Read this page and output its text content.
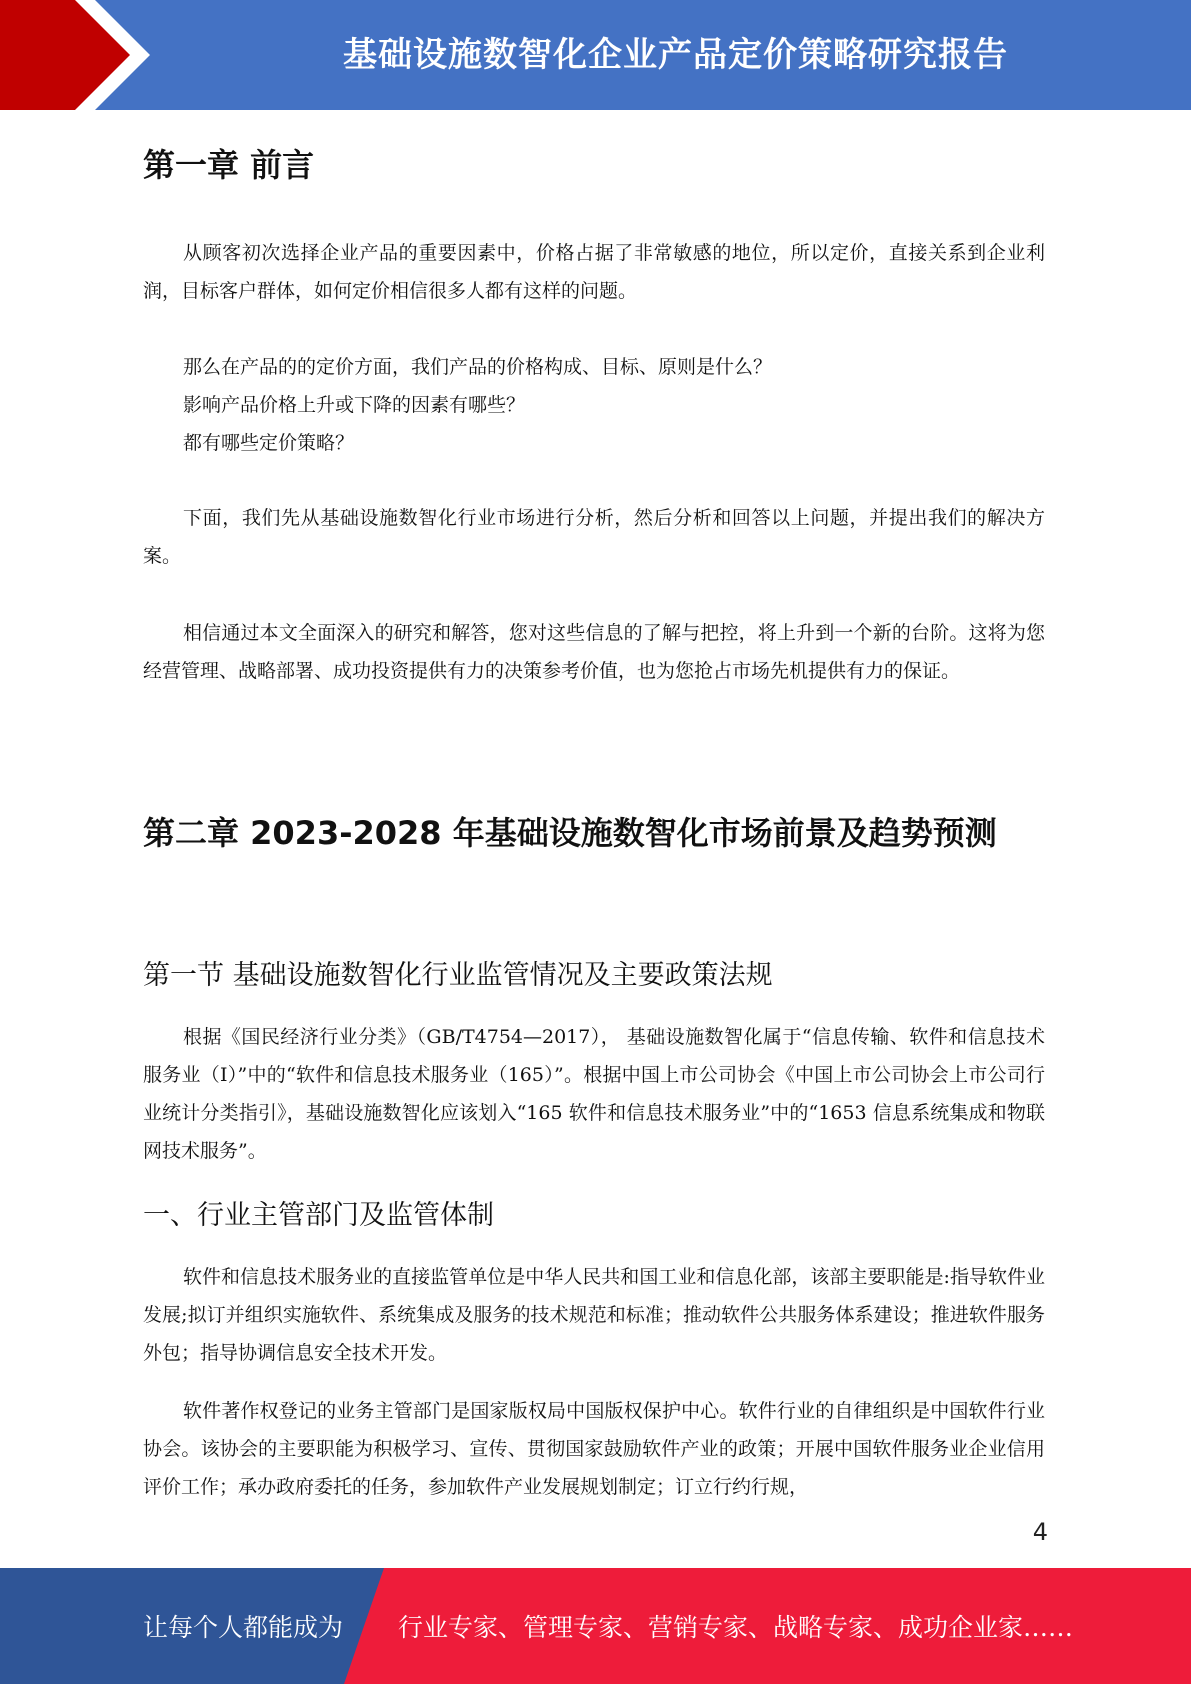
基础设施数智化企业产品定价策略研究报告
第一章 前言

从顾客初次选择企业产品的重要因素中，价格占据了非常敏感的地位，所以定价，直接关系到企业利润，目标客户群体，如何定价相信很多人都有这样的问题。

那么在产品的的定价方面，我们产品的价格构成、目标、原则是什么？

影响产品价格上升或下降的因素有哪些？

都有哪些定价策略？

下面，我们先从基础设施数智化行业市场进行分析，然后分析和回答以上问题，并提出我们的解决方案。

相信通过本文全面深入的研究和解答，您对这些信息的了解与把控，将上升到一个新的台阶。这将为您经营管理、战略部署、成功投资提供有力的决策参考价值，也为您抢占市场先机提供有力的保证。

第二章 2023-2028 年基础设施数智化市场前景及趋势预测
第一节 基础设施数智化行业监管情况及主要政策法规

根据《国民经济行业分类》（GB/T4754—2017）， 基础设施数智化属于“信息传输、软件和信息技术服务业（I）”中的“软件和信息技术服务业（165）”。根据中国上市公司协会《中国上市公司协会上市公司行业统计分类指引》，基础设施数智化应该划入“165 软件和信息技术服务业”中的“1653 信息系统集成和物联网技术服务”。

一、行业主管部门及监管体制

软件和信息技术服务业的直接监管单位是中华人民共和国工业和信息化部，该部主要职能是:指导软件业发展;拟订并组织实施软件、系统集成及服务的技术规范和标准；推动软件公共服务体系建设；推进软件服务外包；指导协调信息安全技术开发。

软件著作权登记的业务主管部门是国家版权局中国版权保护中心。软件行业的自律组织是中国软件行业协会。该协会的主要职能为积极学习、宣传、贯彻国家鼓励软件产业的政策；开展中国软件服务业企业信用评价工作；承办政府委托的任务，参加软件产业发展规划制定；订立行约行规，

4
让每个人都能成为 行业专家、管理专家、营销专家、战略专家、成功企业家……
